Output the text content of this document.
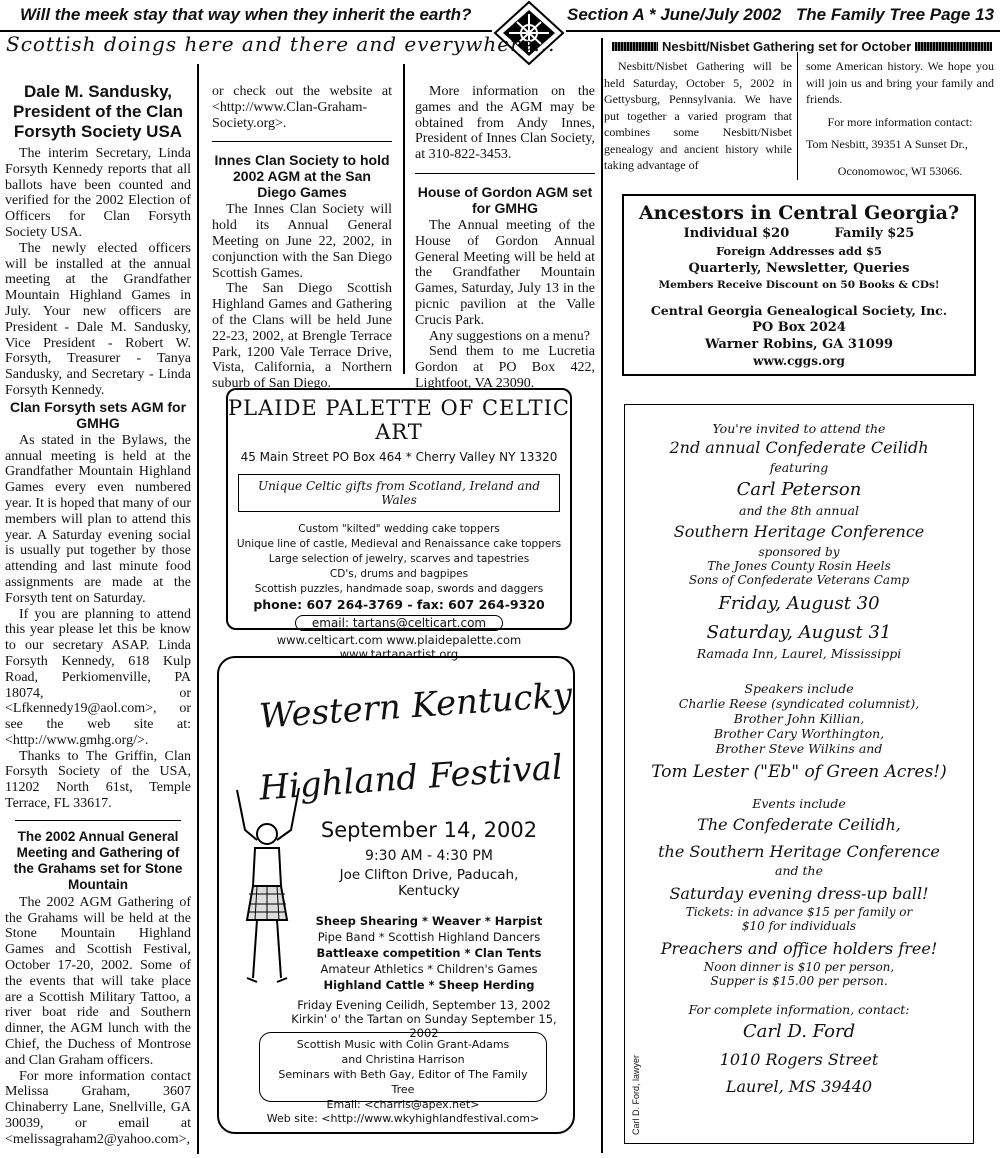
Will the meek stay that way when they inherit the earth?	Section A * June/July 2002 The Family Tree Page 13
Scottish doings here and there and everywhere...
Dale M. Sandusky, President of the Clan Forsyth Society USA

The interim Secretary, Linda Forsyth Kennedy reports that all ballots have been counted and verified for the 2002 Election of Officers for Clan Forsyth Society USA.

The newly elected officers will be installed at the annual meeting at the Grandfather Mountain Highland Games in July. Your new officers are President - Dale M. Sandusky, Vice President - Robert W. Forsyth, Treasurer - Tanya Sandusky, and Secretary - Linda Forsyth Kennedy.

Clan Forsyth sets AGM for GMHG

As stated in the Bylaws, the annual meeting is held at the Grandfather Mountain Highland Games every even numbered year. It is hoped that many of our members will plan to attend this year. A Saturday evening social is usually put together by those attending and last minute food assignments are made at the Forsyth tent on Saturday.

If you are planning to attend this year please let this be know to our secretary ASAP. Linda Forsyth Kennedy, 618 Kulp Road, Perkiomenville, PA 18074, or <Lfkennedy19@aol.com>, or see the web site at:<http://www.gmhg.org/>.

Thanks to The Griffin, Clan Forsyth Society of the USA, 11202 North 61st, Temple Terrace, FL 33617.

The 2002 Annual General Meeting and Gathering of the Grahams set for Stone Mountain

The 2002 AGM Gathering of the Grahams will be held at the Stone Mountain Highland Games and Scottish Festival, October 17-20, 2002. Some of the events that will take place are a Scottish Military Tattoo, a river boat ride and Southern dinner, the AGM lunch with the Chief, the Duchess of Montrose and Clan Graham officers.

For more information contact Melissa Graham, 3607 Chinaberry Lane, Snellville, GA 30039, or email at <melissagraham2@yahoo.com>,

or check out the website at <http://www.Clan-Graham-Society.org>.

Innes Clan Society to hold 2002 AGM at the San Diego Games

The Innes Clan Society will hold its Annual General Meeting on June 22, 2002, in conjunction with the San Diego Scottish Games.

The San Diego Scottish Highland Games and Gathering of the Clans will be held June 22-23, 2002, at Brengle Terrace Park, 1200 Vale Terrace Drive, Vista, California, a Northern suburb of San Diego.

More information on the games and the AGM may be obtained from Andy Innes, President of Innes Clan Society, at 310-822-3453.

House of Gordon AGM set for GMHG

The Annual meeting of the House of Gordon Annual General Meeting will be held at the Grandfather Mountain Games, Saturday, July 13 in the picnic pavilion at the Valle Crucis Park.

Any suggestions on a menu?

Send them to me Lucretia Gordon at PO Box 422, Lightfoot, VA 23090.

PLAIDE PALETTE OF CELTIC ART
45 Main Street PO Box 464 * Cherry Valley NY 13320
Unique Celtic gifts from Scotland, Ireland and Wales
Custom "kilted" wedding cake toppers
Unique line of castle, Medieval and Renaissance cake toppers
Large selection of jewelry, scarves and tapestries
CD's, drums and bagpipes
Scottish puzzles, handmade soap, swords and daggers
phone: 607 264-3769 - fax: 607 264-9320
email: tartans@celticart.com
www.celticart.com www.plaidepalette.com www.tartanartist.org
Western Kentucky
Highland Festival
September 14, 2002
9:30 AM - 4:30 PM
Joe Clifton Drive, Paducah, Kentucky
Sheep Shearing * Weaver * Harpist
Pipe Band * Scottish Highland Dancers
Battleaxe competition * Clan Tents
Amateur Athletics * Children's Games
Highland Cattle * Sheep Herding
Friday Evening Ceilidh, September 13, 2002
Kirkin' o' the Tartan on Sunday September 15, 2002
Scottish Music with Colin Grant-Adams
and Christina Harrison
Seminars with Beth Gay, Editor of The Family Tree
Email: <charris@apex.net>
Web site: <http://www.wkyhighlandfestival.com>
Nesbitt/Nisbet Gathering set for October

Nesbitt/Nisbet Gathering will be held Saturday, October 5, 2002 in Gettysburg, Pennsylvania. We have put together a varied program that combines some Nesbitt/Nisbet genealogy and ancient history while taking advantage of

some American history. We hope you will join us and bring your family and friends.

For more information contact:

Tom Nesbitt, 39351 A Sunset Dr.,

Oconomowoc, WI 53066.

Ancestors in Central Georgia?
Individual $20          Family $25
Foreign Addresses add $5
Quarterly, Newsletter, Queries
Members Receive Discount on 50 Books & CDs!
Central Georgia Genealogical Society, Inc.
PO Box 2024
Warner Robins, GA 31099
www.cggs.org
Carl D. Ford, lawyer
You're invited to attend the
2nd annual Confederate Ceilidh
featuring
Carl Peterson
and the 8th annual
Southern Heritage Conference
sponsored by
The Jones County Rosin Heels
Sons of Confederate Veterans Camp
Friday, August 30
Saturday, August 31
Ramada Inn, Laurel, Mississippi
Speakers include
Charlie Reese (syndicated columnist),
Brother John Killian,
Brother Cary Worthington,
Brother Steve Wilkins and
Tom Lester ("Eb" of Green Acres!)
Events include
The Confederate Ceilidh,
the Southern Heritage Conference
and the
Saturday evening dress-up ball!
Tickets: in advance $15 per family or
$10 for individuals
Preachers and office holders free!
Noon dinner is $10 per person,
Supper is $15.00 per person.
For complete information, contact:
Carl D. Ford
1010 Rogers Street
Laurel, MS 39440
